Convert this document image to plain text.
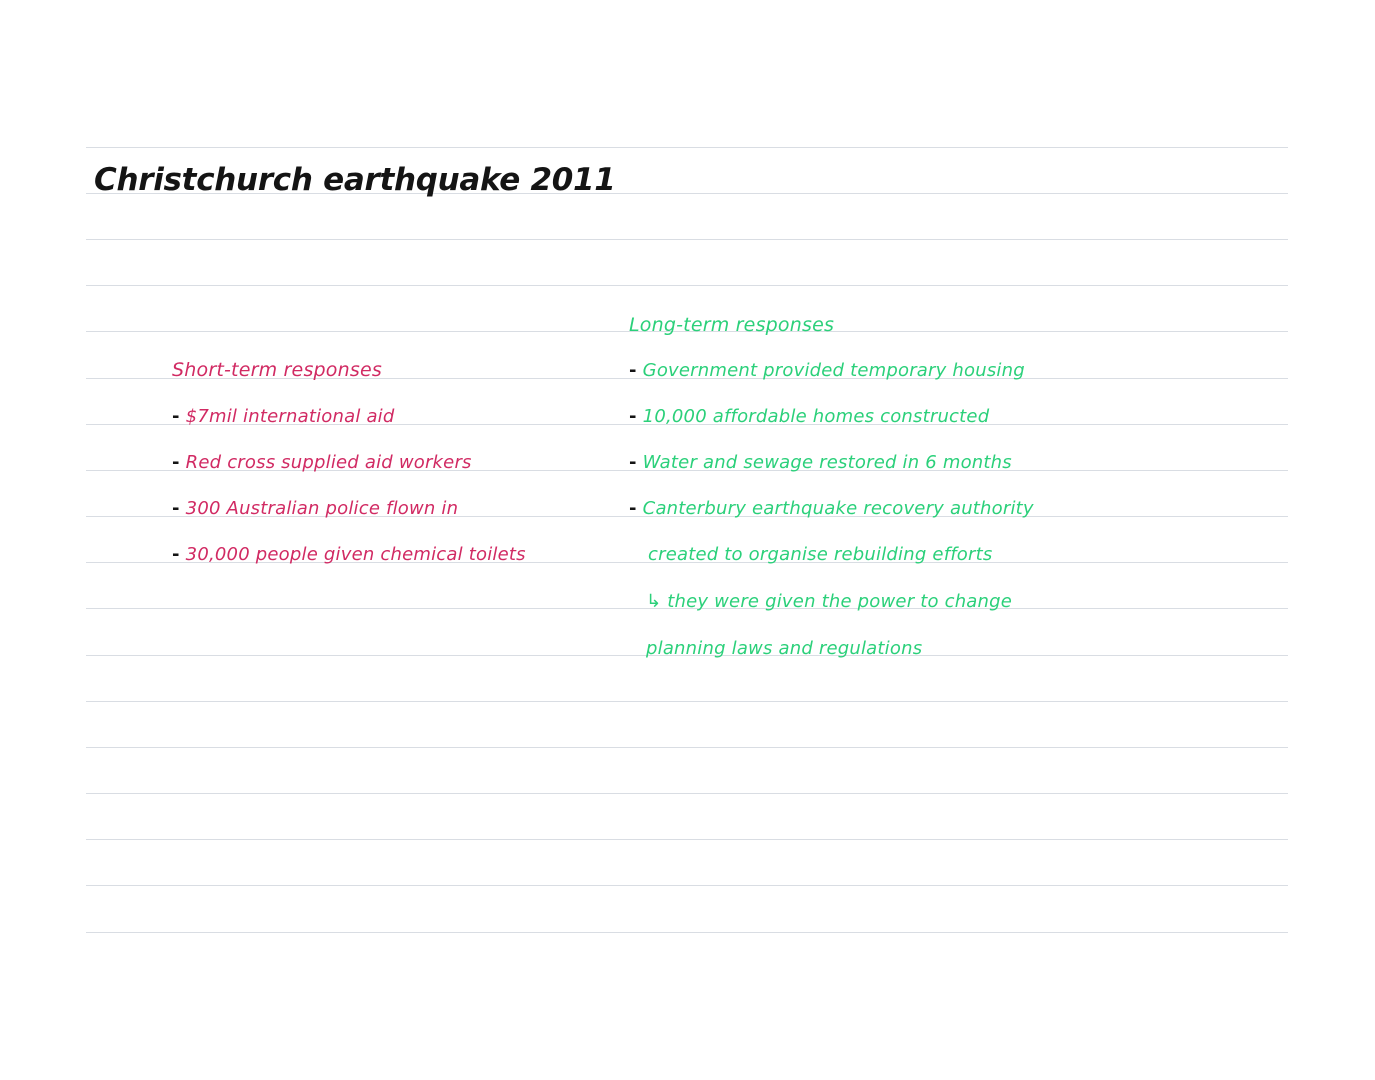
Christchurch earthquake 2011
Short-term responses
- $7mil international aid
- Red cross supplied aid workers
- 300 Australian police flown in
- 30,000 people given chemical toilets
Long-term responses
- Government provided temporary housing
- 10,000 affordable homes constructed
- Water and sewage restored in 6 months
- Canterbury earthquake recovery authority
created to organise rebuilding efforts
↳ they were given the power to change
planning laws and regulations
